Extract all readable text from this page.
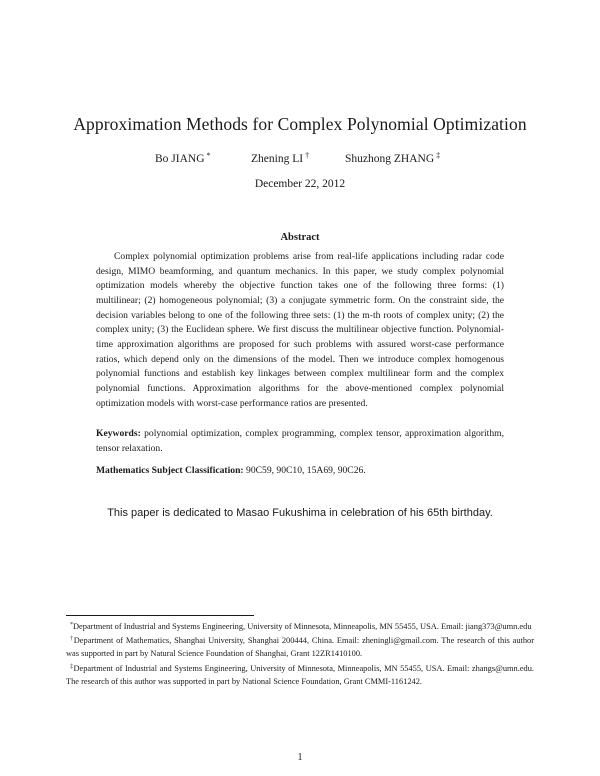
Approximation Methods for Complex Polynomial Optimization
Bo JIANG *	Zhening LI †	Shuzhong ZHANG ‡
December 22, 2012
Abstract

Complex polynomial optimization problems arise from real-life applications including radar code design, MIMO beamforming, and quantum mechanics. In this paper, we study complex polynomial optimization models whereby the objective function takes one of the following three forms: (1) multilinear; (2) homogeneous polynomial; (3) a conjugate symmetric form. On the constraint side, the decision variables belong to one of the following three sets: (1) the m-th roots of complex unity; (2) the complex unity; (3) the Euclidean sphere. We first discuss the multilinear objective function. Polynomial-time approximation algorithms are proposed for such problems with assured worst-case performance ratios, which depend only on the dimensions of the model. Then we introduce complex homogenous polynomial functions and establish key linkages between complex multilinear form and the complex polynomial functions. Approximation algorithms for the above-mentioned complex polynomial optimization models with worst-case performance ratios are presented.

Keywords: polynomial optimization, complex programming, complex tensor, approximation algorithm, tensor relaxation.

Mathematics Subject Classification: 90C59, 90C10, 15A69, 90C26.

This paper is dedicated to Masao Fukushima in celebration of his 65th birthday.

*Department of Industrial and Systems Engineering, University of Minnesota, Minneapolis, MN 55455, USA. Email: jiang373@umn.edu

†Department of Mathematics, Shanghai University, Shanghai 200444, China. Email: zheningli@gmail.com. The research of this author was supported in part by Natural Science Foundation of Shanghai, Grant 12ZR1410100.

‡Department of Industrial and Systems Engineering, University of Minnesota, Minneapolis, MN 55455, USA. Email: zhangs@umn.edu. The research of this author was supported in part by National Science Foundation, Grant CMMI-1161242.

1
